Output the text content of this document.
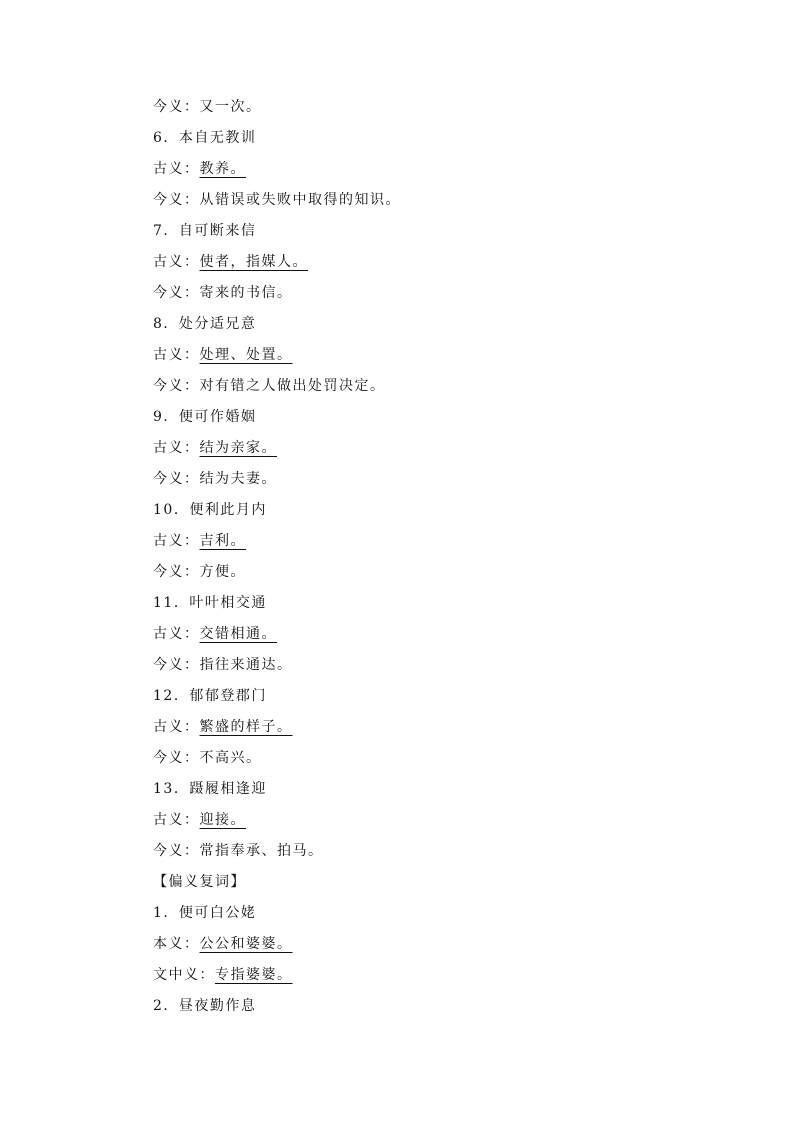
今义：又一次。
6．本自无教训
古义：教养。
今义：从错误或失败中取得的知识。
7．自可断来信
古义：使者，指媒人。
今义：寄来的书信。
8．处分适兄意
古义：处理、处置。
今义：对有错之人做出处罚决定。
9．便可作婚姻
古义：结为亲家。
今义：结为夫妻。
10．便利此月内
古义：吉利。
今义：方便。
11．叶叶相交通
古义：交错相通。
今义：指往来通达。
12．郁郁登郡门
古义：繁盛的样子。
今义：不高兴。
13．蹑履相逢迎
古义：迎接。
今义：常指奉承、拍马。
【偏义复词】
1．便可白公姥
本义：公公和婆婆。
文中义：专指婆婆。
2．昼夜勤作息
